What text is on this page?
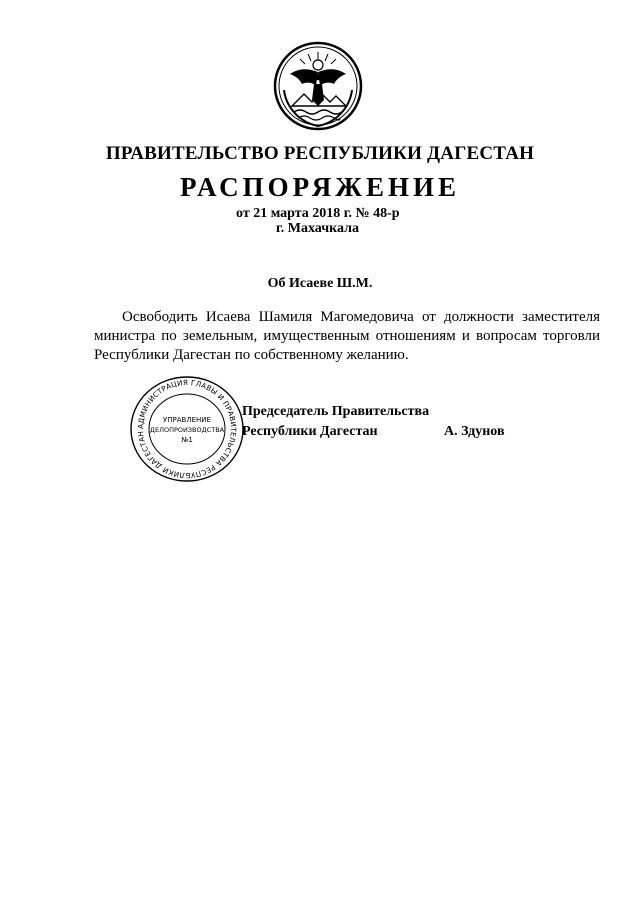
ПРАВИТЕЛЬСТВО РЕСПУБЛИКИ ДАГЕСТАН
РАСПОРЯЖЕНИЕ
от 21 марта 2018 г. № 48-р
г. Махачкала
Об Исаеве Ш.М.
Освободить Исаева Шамиля Магомедовича от должности заместителя министра по земельным, имущественным отношениям и вопросам торговли Республики Дагестан по собственному желанию.
АДМИНИСТРАЦИЯ ГЛАВЫ И ПРАВИТЕЛЬСТВА РЕСПУБЛИКИ ДАГЕСТАН
УПРАВЛЕНИЕ
ДЕЛОПРОИЗВОДСТВА
№1
Председатель Правительства
Республики Дагестан	А. Здунов
